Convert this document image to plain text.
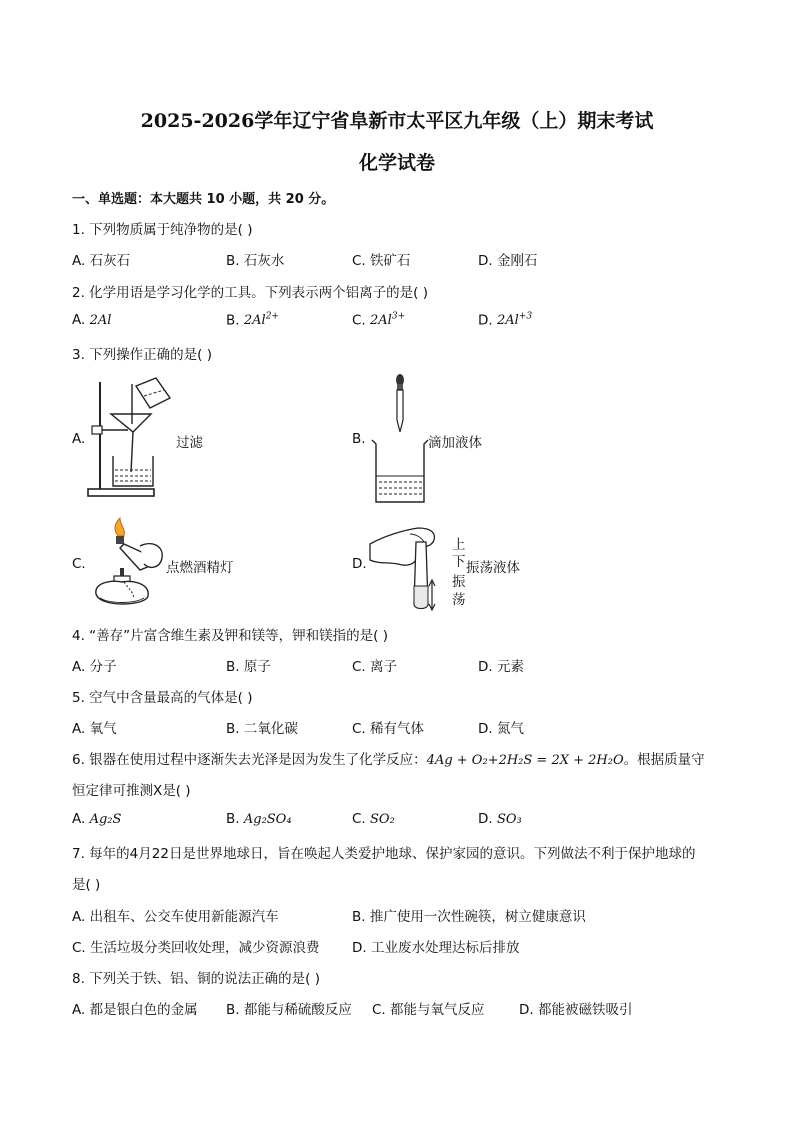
2025-2026学年辽宁省阜新市太平区九年级（上）期末考试
化学试卷
一、单选题：本大题共 10 小题，共 20 分。
1. 下列物质属于纯净物的是( )
A. 石灰石	B. 石灰水	C. 铁矿石	D. 金刚石
2. 化学用语是学习化学的工具。下列表示两个铝离子的是( )
A. 2Al	B. $2Al^{2+}$	C. $2Al^{3+}$	D. $2Al^{+3}$
3. 下列操作正确的是( )
A.	过滤	B.	滴加液体
C.	点燃酒精灯	D.
上
下 振荡液体
振
荡
4. “善存”片富含维生素及钾和镁等，钾和镁指的是( )
A. 分子	B. 原子	C. 离子	D. 元素
5. 空气中含量最高的气体是( )
A. 氧气	B. 二氧化碳	C. 稀有气体	D. 氮气
6. 银器在使用过程中逐渐失去光泽是因为发生了化学反应：4Ag + O₂+2H₂S = 2X + 2H₂O。根据质量守
恒定律可推测X是( )
A. Ag₂S	B. Ag₂SO₄	C. SO₂	D. SO₃
7. 每年的4月22日是世界地球日，旨在唤起人类爱护地球、保护家园的意识。下列做法不利于保护地球的
是( )
A. 出租车、公交车使用新能源汽车	B. 推广使用一次性碗筷，树立健康意识
C. 生活垃圾分类回收处理，减少资源浪费 D. 工业废水处理达标后排放
8. 下列关于铁、铝、铜的说法正确的是( )
A. 都是银白色的金属 B. 都能与稀硫酸反应 C. 都能与氧气反应	D. 都能被磁铁吸引
